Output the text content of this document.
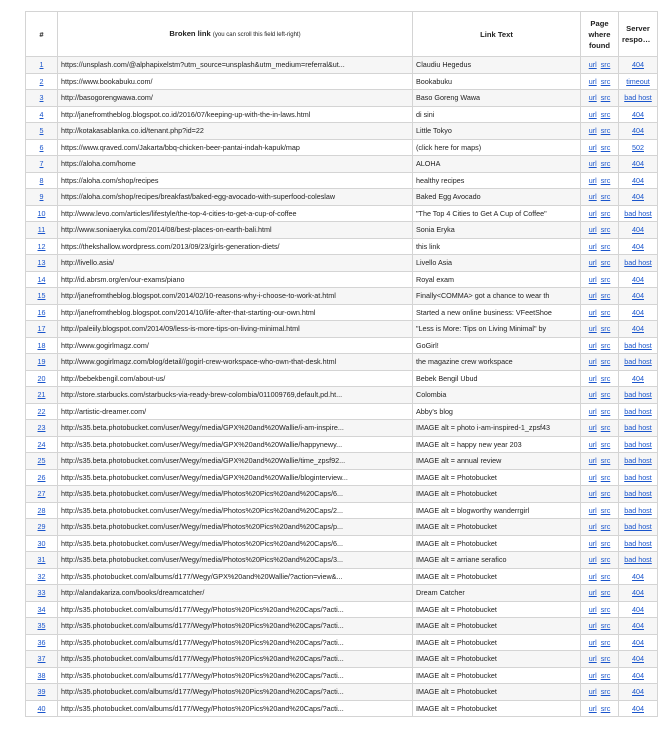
#	Broken link (you can scroll this field left-right)	Link Text	Page where found	Server response
1	https://unsplash.com/@alphapixelstm?utm_source=unsplash&utm_medium=referral&ut...	Claudiu Hegedus	url src	404
2	https://www.bookabuku.com/	Bookabuku	url src	timeout
3	http://basogorengwawa.com/	Baso Goreng Wawa	url src	bad host
4	http://janefromtheblog.blogspot.co.id/2016/07/keeping-up-with-the-in-laws.html	di sini	url src	404
5	http://kotakasablanka.co.id/tenant.php?id=22	Little Tokyo	url src	404
6	https://www.qraved.com/Jakarta/bbq-chicken-beer-pantai-indah-kapuk/map	(click here for maps)	url src	502
7	https://aloha.com/home	ALOHA	url src	404
8	https://aloha.com/shop/recipes	healthy recipes	url src	404
9	https://aloha.com/shop/recipes/breakfast/baked-egg-avocado-with-superfood-coleslaw	Baked Egg Avocado	url src	404
10	http://www.levo.com/articles/lifestyle/the-top-4-cities-to-get-a-cup-of-coffee	"The Top 4 Cities to Get A Cup of Coffee"	url src	bad host
11	http://www.soniaeryka.com/2014/08/best-places-on-earth-bali.html	Sonia Eryka	url src	404
12	https://thekshallow.wordpress.com/2013/09/23/girls-generation-diets/	this link	url src	404
13	http://livello.asia/	Livello Asia	url src	bad host
14	http://id.abrsm.org/en/our-exams/piano	Royal exam	url src	404
15	http://janefromtheblog.blogspot.com/2014/02/10-reasons-why-i-choose-to-work-at.html	Finally<COMMA> got a chance to wear th	url src	404
16	http://janefromtheblog.blogspot.com/2014/10/life-after-that-starting-our-own.html	Started a new online business: VFeetShoe	url src	404
17	http://paleiily.blogspot.com/2014/09/less-is-more-tips-on-living-minimal.html	"Less is More: Tips on Living Minimal" by	url src	404
18	http://www.gogirlmagz.com/	GoGirl!	url src	bad host
19	http://www.gogirlmagz.com/blog/detail//gogirl-crew-workspace-who-own-that-desk.html	the magazine crew workspace	url src	bad host
20	http://bebekbengil.com/about-us/	Bebek Bengil Ubud	url src	404
21	http://store.starbucks.com/starbucks-via-ready-brew-colombia/011009769,default,pd.ht...	Colombia	url src	bad host
22	http://artistic-dreamer.com/	Abby's blog	url src	bad host
23	http://s35.beta.photobucket.com/user/Wegy/media/GPX%20and%20Wallie/i-am-inspire...	IMAGE alt = photo i-am-inspired-1_zpsf43	url src	bad host
24	http://s35.beta.photobucket.com/user/Wegy/media/GPX%20and%20Wallie/happynewy...	IMAGE alt = happy new year 203	url src	bad host
25	http://s35.beta.photobucket.com/user/Wegy/media/GPX%20and%20Wallie/time_zpsf92...	IMAGE alt = annual review	url src	bad host
26	http://s35.beta.photobucket.com/user/Wegy/media/GPX%20and%20Wallie/bloginterview...	IMAGE alt = Photobucket	url src	bad host
27	http://s35.beta.photobucket.com/user/Wegy/media/Photos%20Pics%20and%20Caps/6...	IMAGE alt = Photobucket	url src	bad host
28	http://s35.beta.photobucket.com/user/Wegy/media/Photos%20Pics%20and%20Caps/2...	IMAGE alt = blogworthy wanderrgirl	url src	bad host
29	http://s35.beta.photobucket.com/user/Wegy/media/Photos%20Pics%20and%20Caps/p...	IMAGE alt = Photobucket	url src	bad host
30	http://s35.beta.photobucket.com/user/Wegy/media/Photos%20Pics%20and%20Caps/6...	IMAGE alt = Photobucket	url src	bad host
31	http://s35.beta.photobucket.com/user/Wegy/media/Photos%20Pics%20and%20Caps/3...	IMAGE alt = arriane serafico	url src	bad host
32	http://s35.photobucket.com/albums/d177/Wegy/GPX%20and%20Wallie/?action=view&...	IMAGE alt = Photobucket	url src	404
33	http://alandakariza.com/books/dreamcatcher/	Dream Catcher	url src	404
34	http://s35.photobucket.com/albums/d177/Wegy/Photos%20Pics%20and%20Caps/?acti...	IMAGE alt = Photobucket	url src	404
35	http://s35.photobucket.com/albums/d177/Wegy/Photos%20Pics%20and%20Caps/?acti...	IMAGE alt = Photobucket	url src	404
36	http://s35.photobucket.com/albums/d177/Wegy/Photos%20Pics%20and%20Caps/?acti...	IMAGE alt = Photobucket	url src	404
37	http://s35.photobucket.com/albums/d177/Wegy/Photos%20Pics%20and%20Caps/?acti...	IMAGE alt = Photobucket	url src	404
38	http://s35.photobucket.com/albums/d177/Wegy/Photos%20Pics%20and%20Caps/?acti...	IMAGE alt = Photobucket	url src	404
39	http://s35.photobucket.com/albums/d177/Wegy/Photos%20Pics%20and%20Caps/?acti...	IMAGE alt = Photobucket	url src	404
40	http://s35.photobucket.com/albums/d177/Wegy/Photos%20Pics%20and%20Caps/?acti...	IMAGE alt = Photobucket	url src	404
